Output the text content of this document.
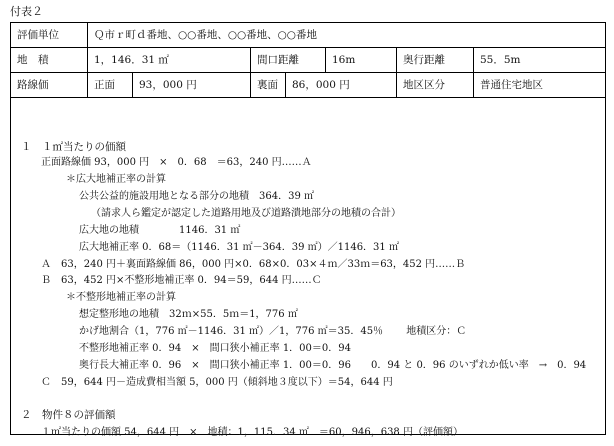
付表２
評価単位	Ｑ市ｒ町ｄ番地、○○番地、○○番地、○○番地
地　積	1，146．31 ㎡	間口距離	16m	奥行距離	55．5m
路線価	正面	93，000 円	裏面	86，000 円	地区区分	普通住宅地区
１　１㎡当たりの価額
正面路線価 93，000 円　×　0．68　＝63，240 円……Ａ
＊広大地補正率の計算
公共公益的施設用地となる部分の地積　364．39 ㎡
（請求人ら鑑定が認定した道路用地及び道路潰地部分の地積の合計）
広大地の地積　　　　1146．31 ㎡
広大地補正率 0．68＝（1146．31 ㎡－364．39 ㎡）／1146．31 ㎡
Ａ　63，240 円＋裏面路線価 86，000 円×0．68×0．03×４ｍ／33ｍ＝63，452 円……Ｂ
Ｂ　63，452 円×不整形地補正率 0．94＝59，644 円……Ｃ
＊不整形地補正率の計算
想定整形地の地積　32ｍ×55．5ｍ＝1，776 ㎡
かげ地割合（1，776 ㎡－1146．31 ㎡）／1，776 ㎡＝35．45％　　 地積区分：Ｃ
不整形地補正率 0．94　×　間口狭小補正率 1．00＝0．94
奥行長大補正率 0．96　×　間口狭小補正率 1．00＝0．96　　0．94 と 0．96 のいずれか低い率　→　0．94
Ｃ　59，644 円－造成費相当額 5，000 円（傾斜地３度以下）＝54，644 円
２　物件８の評価額
１㎡当たりの価額 54，644 円　×　地積：1，115．34 ㎡　＝60，946，638 円（評価額）
